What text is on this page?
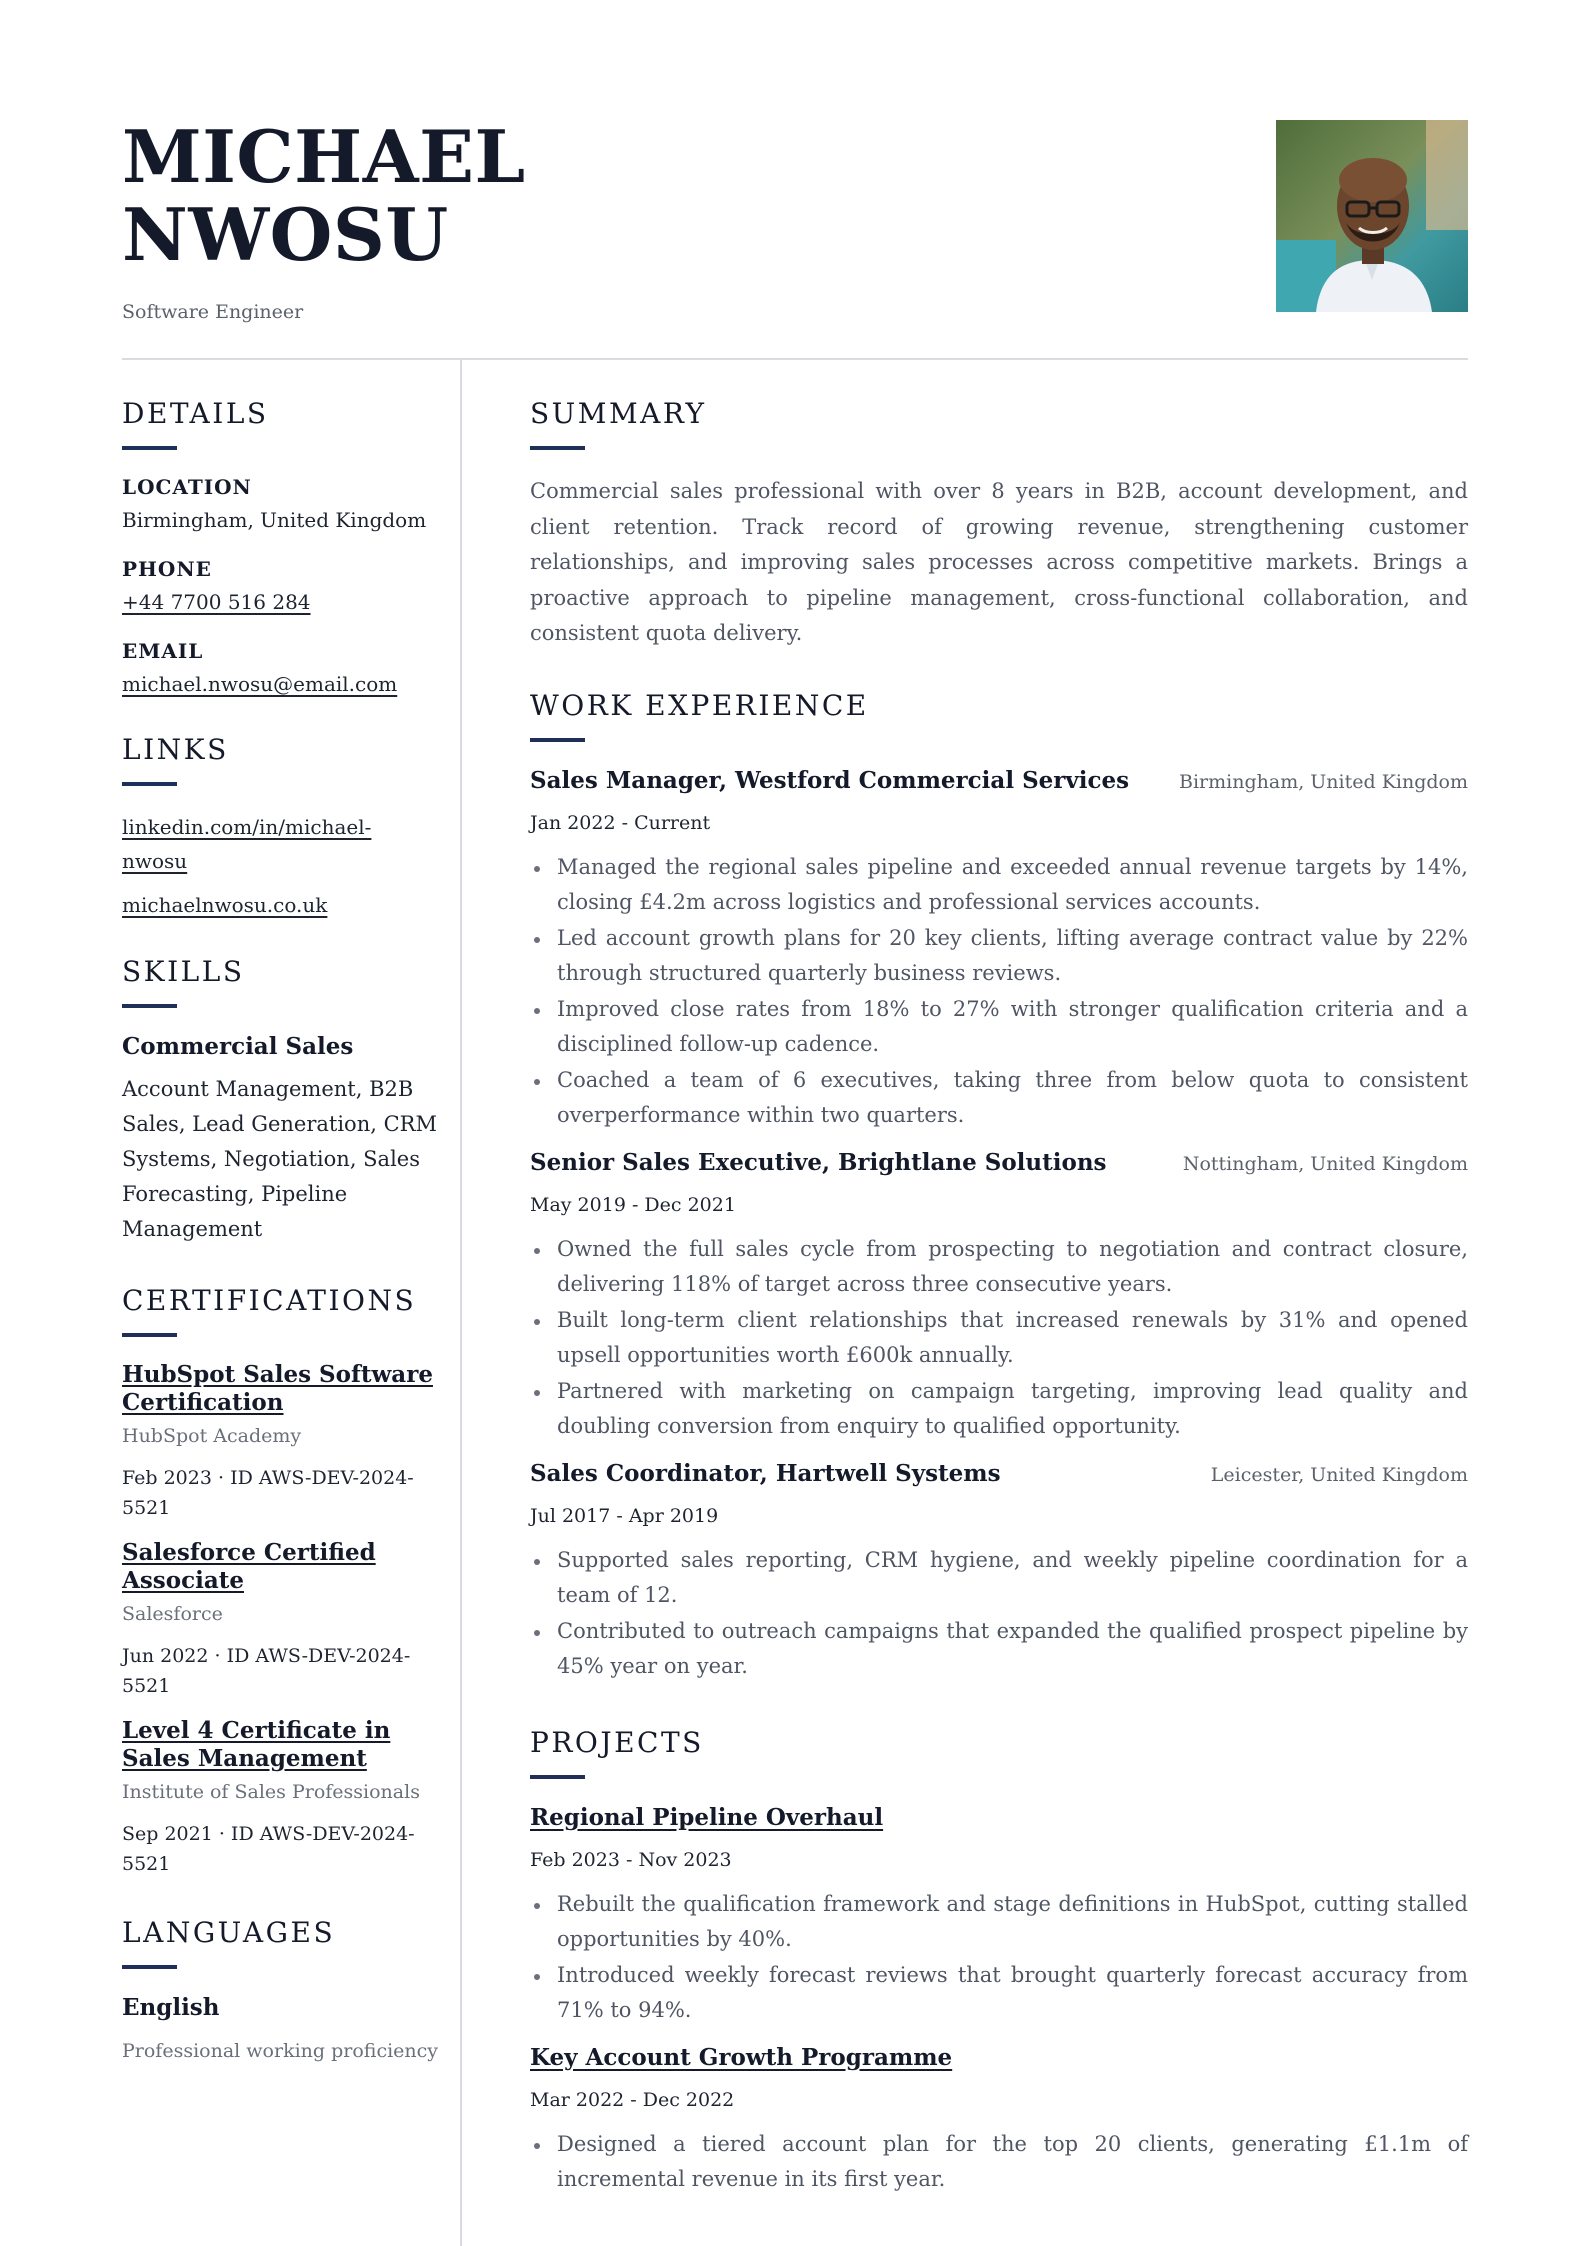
MICHAEL
NWOSU
Software Engineer
DETAILS
LOCATION
Birmingham, United Kingdom
PHONE
+44 7700 516 284
EMAIL
michael.nwosu@email.com
LINKS
linkedin.com/in/michael-
nwosu
michaelnwosu.co.uk
SKILLS
Commercial Sales
Account Management, B2B Sales, Lead Generation, CRM Systems, Negotiation, Sales Forecasting, Pipeline Management
CERTIFICATIONS
HubSpot Sales Software Certification
HubSpot Academy
Feb 2023 · ID AWS-DEV-2024-5521
Salesforce Certified Associate
Salesforce
Jun 2022 · ID AWS-DEV-2024-5521
Level 4 Certificate in Sales Management
Institute of Sales Professionals
Sep 2021 · ID AWS-DEV-2024-5521
LANGUAGES
English
Professional working proficiency
SUMMARY

Commercial sales professional with over 8 years in B2B, account development, and client retention. Track record of growing revenue, strengthening customer relationships, and improving sales processes across competitive markets. Brings a proactive approach to pipeline management, cross-functional collaboration, and consistent quota delivery.

WORK EXPERIENCE
Sales Manager, Westford Commercial Services	Birmingham, United Kingdom
Jan 2022 - Current
Managed the regional sales pipeline and exceeded annual revenue targets by 14%, closing £4.2m across logistics and professional services accounts.
Led account growth plans for 20 key clients, lifting average contract value by 22% through structured quarterly business reviews.
Improved close rates from 18% to 27% with stronger qualification criteria and a disciplined follow-up cadence.
Coached a team of 6 executives, taking three from below quota to consistent overperformance within two quarters.
Senior Sales Executive, Brightlane Solutions	Nottingham, United Kingdom
May 2019 - Dec 2021
Owned the full sales cycle from prospecting to negotiation and contract closure, delivering 118% of target across three consecutive years.
Built long-term client relationships that increased renewals by 31% and opened upsell opportunities worth £600k annually.
Partnered with marketing on campaign targeting, improving lead quality and doubling conversion from enquiry to qualified opportunity.
Sales Coordinator, Hartwell Systems	Leicester, United Kingdom
Jul 2017 - Apr 2019
Supported sales reporting, CRM hygiene, and weekly pipeline coordination for a team of 12.
Contributed to outreach campaigns that expanded the qualified prospect pipeline by 45% year on year.
PROJECTS
Regional Pipeline Overhaul
Feb 2023 - Nov 2023
Rebuilt the qualification framework and stage definitions in HubSpot, cutting stalled opportunities by 40%.
Introduced weekly forecast reviews that brought quarterly forecast accuracy from 71% to 94%.
Key Account Growth Programme
Mar 2022 - Dec 2022
Designed a tiered account plan for the top 20 clients, generating £1.1m of incremental revenue in its first year.
